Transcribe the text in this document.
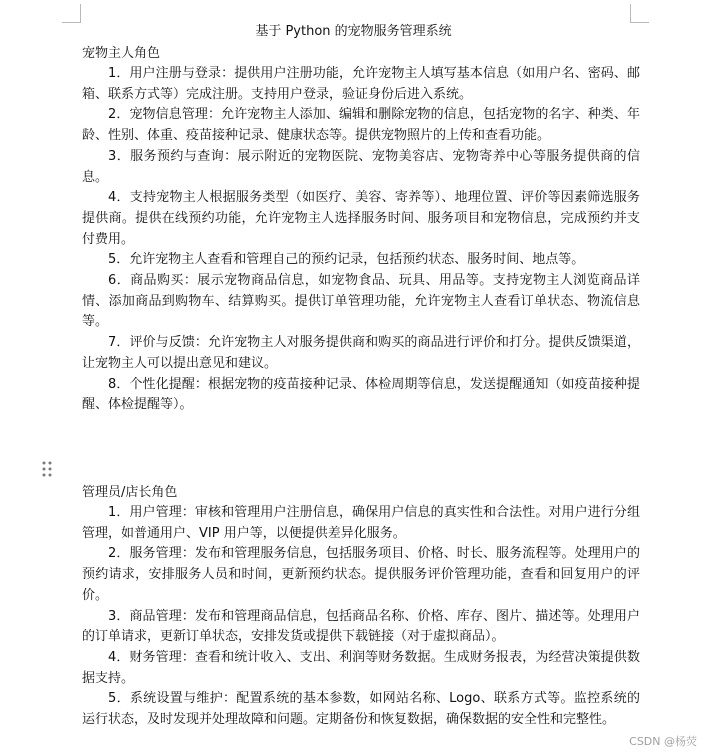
基于 Python 的宠物服务管理系统

宠物主人角色

1．用户注册与登录：提供用户注册功能，允许宠物主人填写基本信息（如用户名、密码、邮箱、联系方式等）完成注册。支持用户登录，验证身份后进入系统。

2．宠物信息管理：允许宠物主人添加、编辑和删除宠物的信息，包括宠物的名字、种类、年龄、性别、体重、疫苗接种记录、健康状态等。提供宠物照片的上传和查看功能。

3．服务预约与查询：展示附近的宠物医院、宠物美容店、宠物寄养中心等服务提供商的信息。

4．支持宠物主人根据服务类型（如医疗、美容、寄养等）、地理位置、评价等因素筛选服务提供商。提供在线预约功能，允许宠物主人选择服务时间、服务项目和宠物信息，完成预约并支付费用。

5．允许宠物主人查看和管理自己的预约记录，包括预约状态、服务时间、地点等。

6．商品购买：展示宠物商品信息，如宠物食品、玩具、用品等。支持宠物主人浏览商品详情、添加商品到购物车、结算购买。提供订单管理功能，允许宠物主人查看订单状态、物流信息等。

7．评价与反馈：允许宠物主人对服务提供商和购买的商品进行评价和打分。提供反馈渠道，让宠物主人可以提出意见和建议。

8．个性化提醒：根据宠物的疫苗接种记录、体检周期等信息，发送提醒通知（如疫苗接种提醒、体检提醒等）。

管理员/店长角色

1．用户管理：审核和管理用户注册信息，确保用户信息的真实性和合法性。对用户进行分组管理，如普通用户、VIP 用户等，以便提供差异化服务。

2．服务管理：发布和管理服务信息，包括服务项目、价格、时长、服务流程等。处理用户的预约请求，安排服务人员和时间，更新预约状态。提供服务评价管理功能，查看和回复用户的评价。

3．商品管理：发布和管理商品信息，包括商品名称、价格、库存、图片、描述等。处理用户的订单请求，更新订单状态，安排发货或提供下载链接（对于虚拟商品）。

4．财务管理：查看和统计收入、支出、利润等财务数据。生成财务报表，为经营决策提供数据支持。

5．系统设置与维护：配置系统的基本参数，如网站名称、Logo、联系方式等。监控系统的运行状态，及时发现并处理故障和问题。定期备份和恢复数据，确保数据的安全性和完整性。

CSDN @杨荧
